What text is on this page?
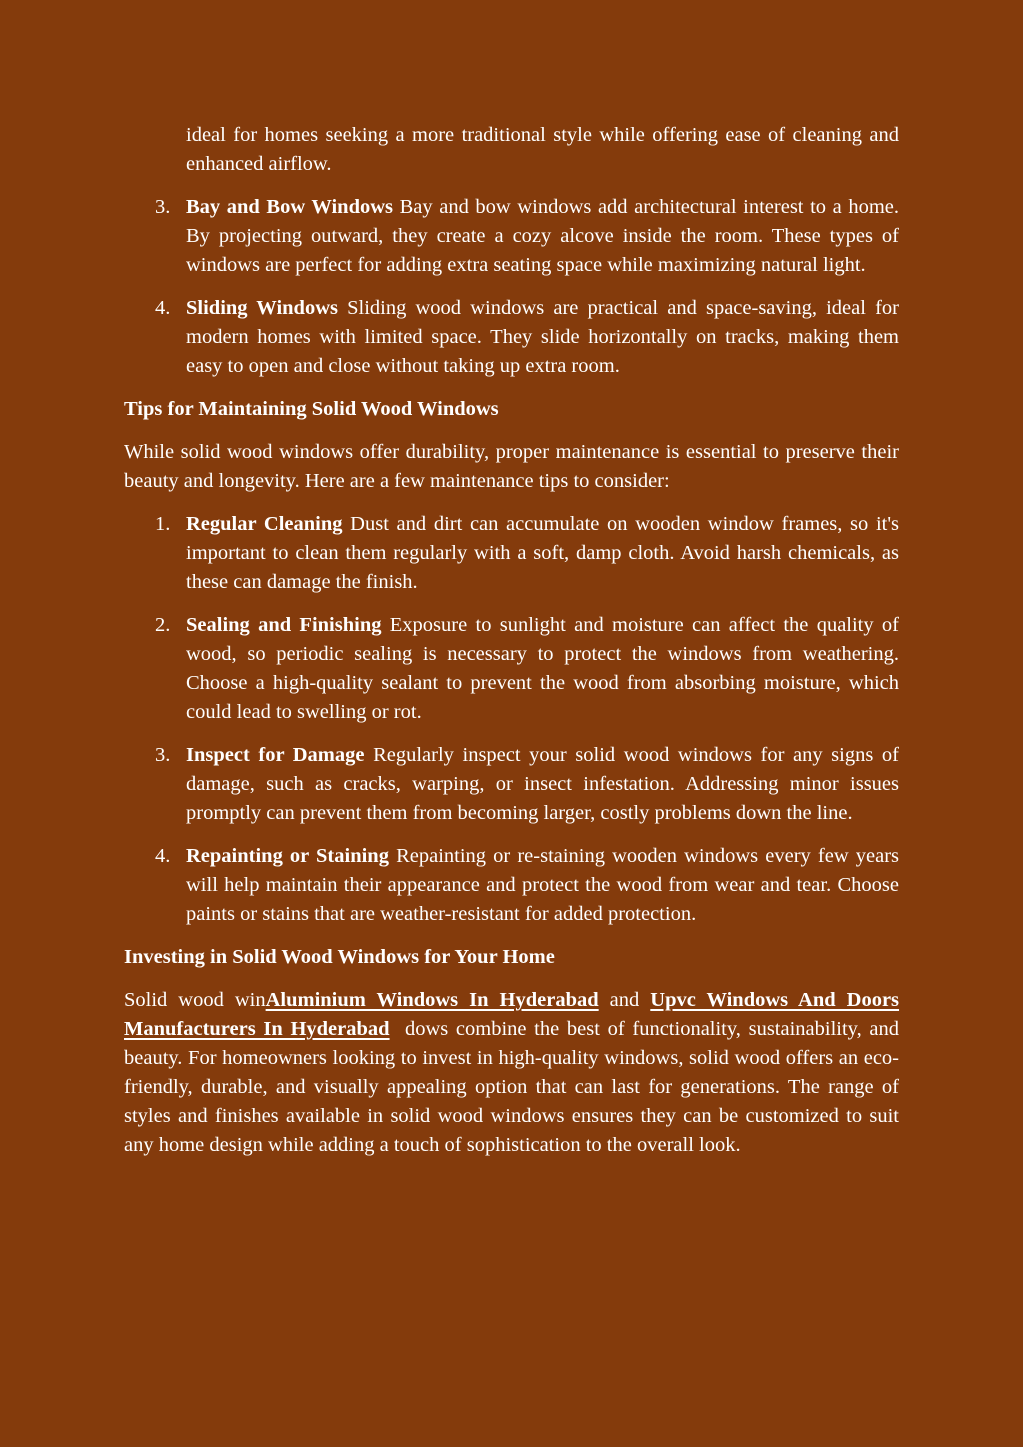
ideal for homes seeking a more traditional style while offering ease of cleaning and enhanced airflow.

3. Bay and Bow Windows Bay and bow windows add architectural interest to a home. By projecting outward, they create a cozy alcove inside the room. These types of windows are perfect for adding extra seating space while maximizing natural light.
4. Sliding Windows Sliding wood windows are practical and space-saving, ideal for modern homes with limited space. They slide horizontally on tracks, making them easy to open and close without taking up extra room.
Tips for Maintaining Solid Wood Windows

While solid wood windows offer durability, proper maintenance is essential to preserve their beauty and longevity. Here are a few maintenance tips to consider:

1. Regular Cleaning Dust and dirt can accumulate on wooden window frames, so it's important to clean them regularly with a soft, damp cloth. Avoid harsh chemicals, as these can damage the finish.
2. Sealing and Finishing Exposure to sunlight and moisture can affect the quality of wood, so periodic sealing is necessary to protect the windows from weathering. Choose a high-quality sealant to prevent the wood from absorbing moisture, which could lead to swelling or rot.
3. Inspect for Damage Regularly inspect your solid wood windows for any signs of damage, such as cracks, warping, or insect infestation. Addressing minor issues promptly can prevent them from becoming larger, costly problems down the line.
4. Repainting or Staining Repainting or re-staining wooden windows every few years will help maintain their appearance and protect the wood from wear and tear. Choose paints or stains that are weather-resistant for added protection.
Investing in Solid Wood Windows for Your Home

Solid wood winAluminium Windows In Hyderabad and Upvc Windows And Doors Manufacturers In Hyderabad dows combine the best of functionality, sustainability, and beauty. For homeowners looking to invest in high-quality windows, solid wood offers an eco-friendly, durable, and visually appealing option that can last for generations. The range of styles and finishes available in solid wood windows ensures they can be customized to suit any home design while adding a touch of sophistication to the overall look.
